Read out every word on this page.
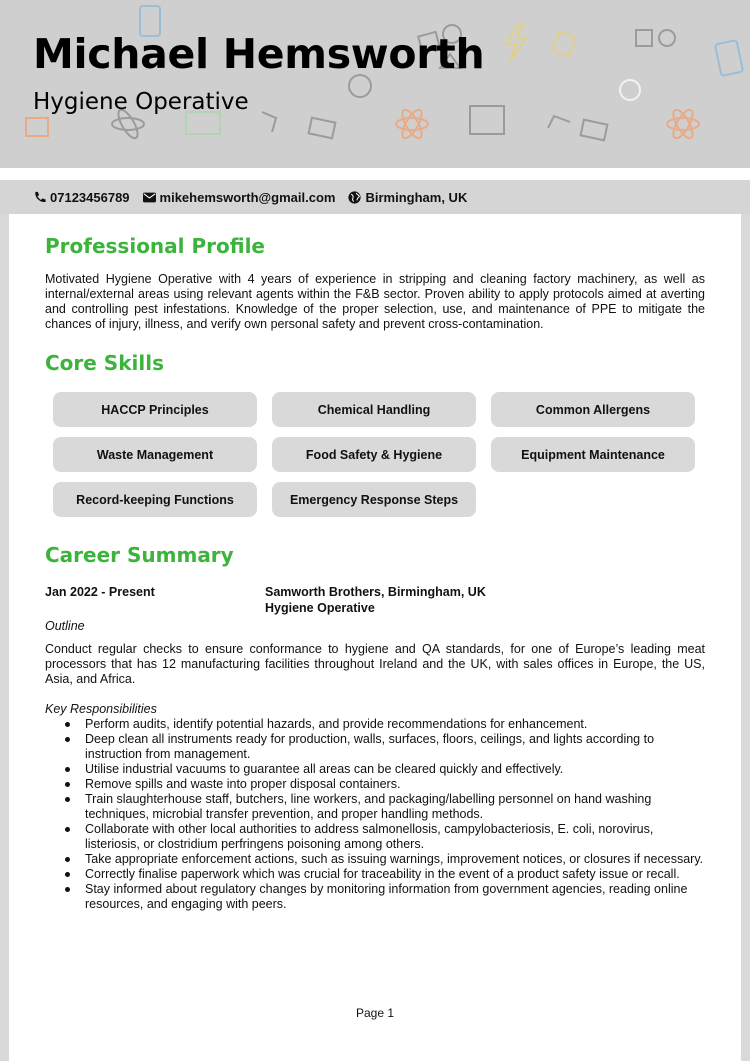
Michael Hemsworth
Hygiene Operative
07123456789 mikehemsworth@gmail.com Birmingham, UK
Professional Profile
Motivated Hygiene Operative with 4 years of experience in stripping and cleaning factory machinery, as well as internal/external areas using relevant agents within the F&B sector. Proven ability to apply protocols aimed at averting and controlling pest infestations. Knowledge of the proper selection, use, and maintenance of PPE to mitigate the chances of injury, illness, and verify own personal safety and prevent cross-contamination.
Core Skills
HACCP Principles	Chemical Handling	Common Allergens
Waste Management	Food Safety & Hygiene	Equipment Maintenance
Record-keeping Functions	Emergency Response Steps
Career Summary
Jan 2022 - Present	Samworth Brothers, Birmingham, UK
Hygiene Operative
Outline
Conduct regular checks to ensure conformance to hygiene and QA standards, for one of Europe’s leading meat processors that has 12 manufacturing facilities throughout Ireland and the UK, with sales offices in Europe, the US, Asia, and Africa.
Key Responsibilities
Perform audits, identify potential hazards, and provide recommendations for enhancement.
Deep clean all instruments ready for production, walls, surfaces, floors, ceilings, and lights according to instruction from management.
Utilise industrial vacuums to guarantee all areas can be cleared quickly and effectively.
Remove spills and waste into proper disposal containers.
Train slaughterhouse staff, butchers, line workers, and packaging/labelling personnel on hand washing techniques, microbial transfer prevention, and proper handling methods.
Collaborate with other local authorities to address salmonellosis, campylobacteriosis, E. coli, norovirus, listeriosis, or clostridium perfringens poisoning among others.
Take appropriate enforcement actions, such as issuing warnings, improvement notices, or closures if necessary.
Correctly finalise paperwork which was crucial for traceability in the event of a product safety issue or recall.
Stay informed about regulatory changes by monitoring information from government agencies, reading online resources, and engaging with peers.
Page 1
